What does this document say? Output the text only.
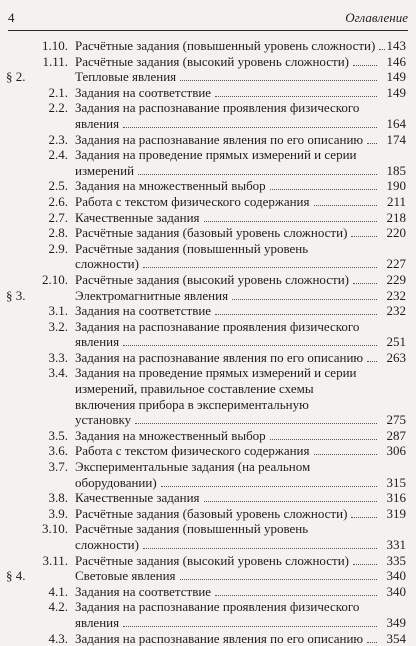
4	Оглавление
1.10. Расчётные задания (повышенный уровень сложности) 143
1.11. Расчётные задания (высокий уровень сложности)	146
§ 2.	Тепловые явления	149
2.1. Задания на соответствие	149
2.2. Задания на распознавание проявления физического
явления	164
2.3. Задания на распознавание явления по его описанию	174
2.4. Задания на проведение прямых измерений и серии
измерений	185
2.5. Задания на множественный выбор	190
2.6. Работа с текстом физического содержания	211
2.7. Качественные задания	218
2.8. Расчётные задания (базовый уровень сложности)	220
2.9. Расчётные задания (повышенный уровень
сложности)	227
2.10. Расчётные задания (высокий уровень сложности)	229
§ 3.	Электромагнитные явления	232
3.1. Задания на соответствие	232
3.2. Задания на распознавание проявления физического
явления	251
3.3. Задания на распознавание явления по его описанию	263
3.4. Задания на проведение прямых измерений и серии
измерений, правильное составление схемы
включения прибора в экспериментальную
установку	275
3.5. Задания на множественный выбор	287
3.6. Работа с текстом физического содержания	306
3.7. Экспериментальные задания (на реальном
оборудовании)	315
3.8. Качественные задания	316
3.9. Расчётные задания (базовый уровень сложности)	319
3.10. Расчётные задания (повышенный уровень
сложности)	331
3.11. Расчётные задания (высокий уровень сложности)	335
§ 4.	Световые явления	340
4.1. Задания на соответствие	340
4.2. Задания на распознавание проявления физического
явления	349
4.3. Задания на распознавание явления по его описанию	354
